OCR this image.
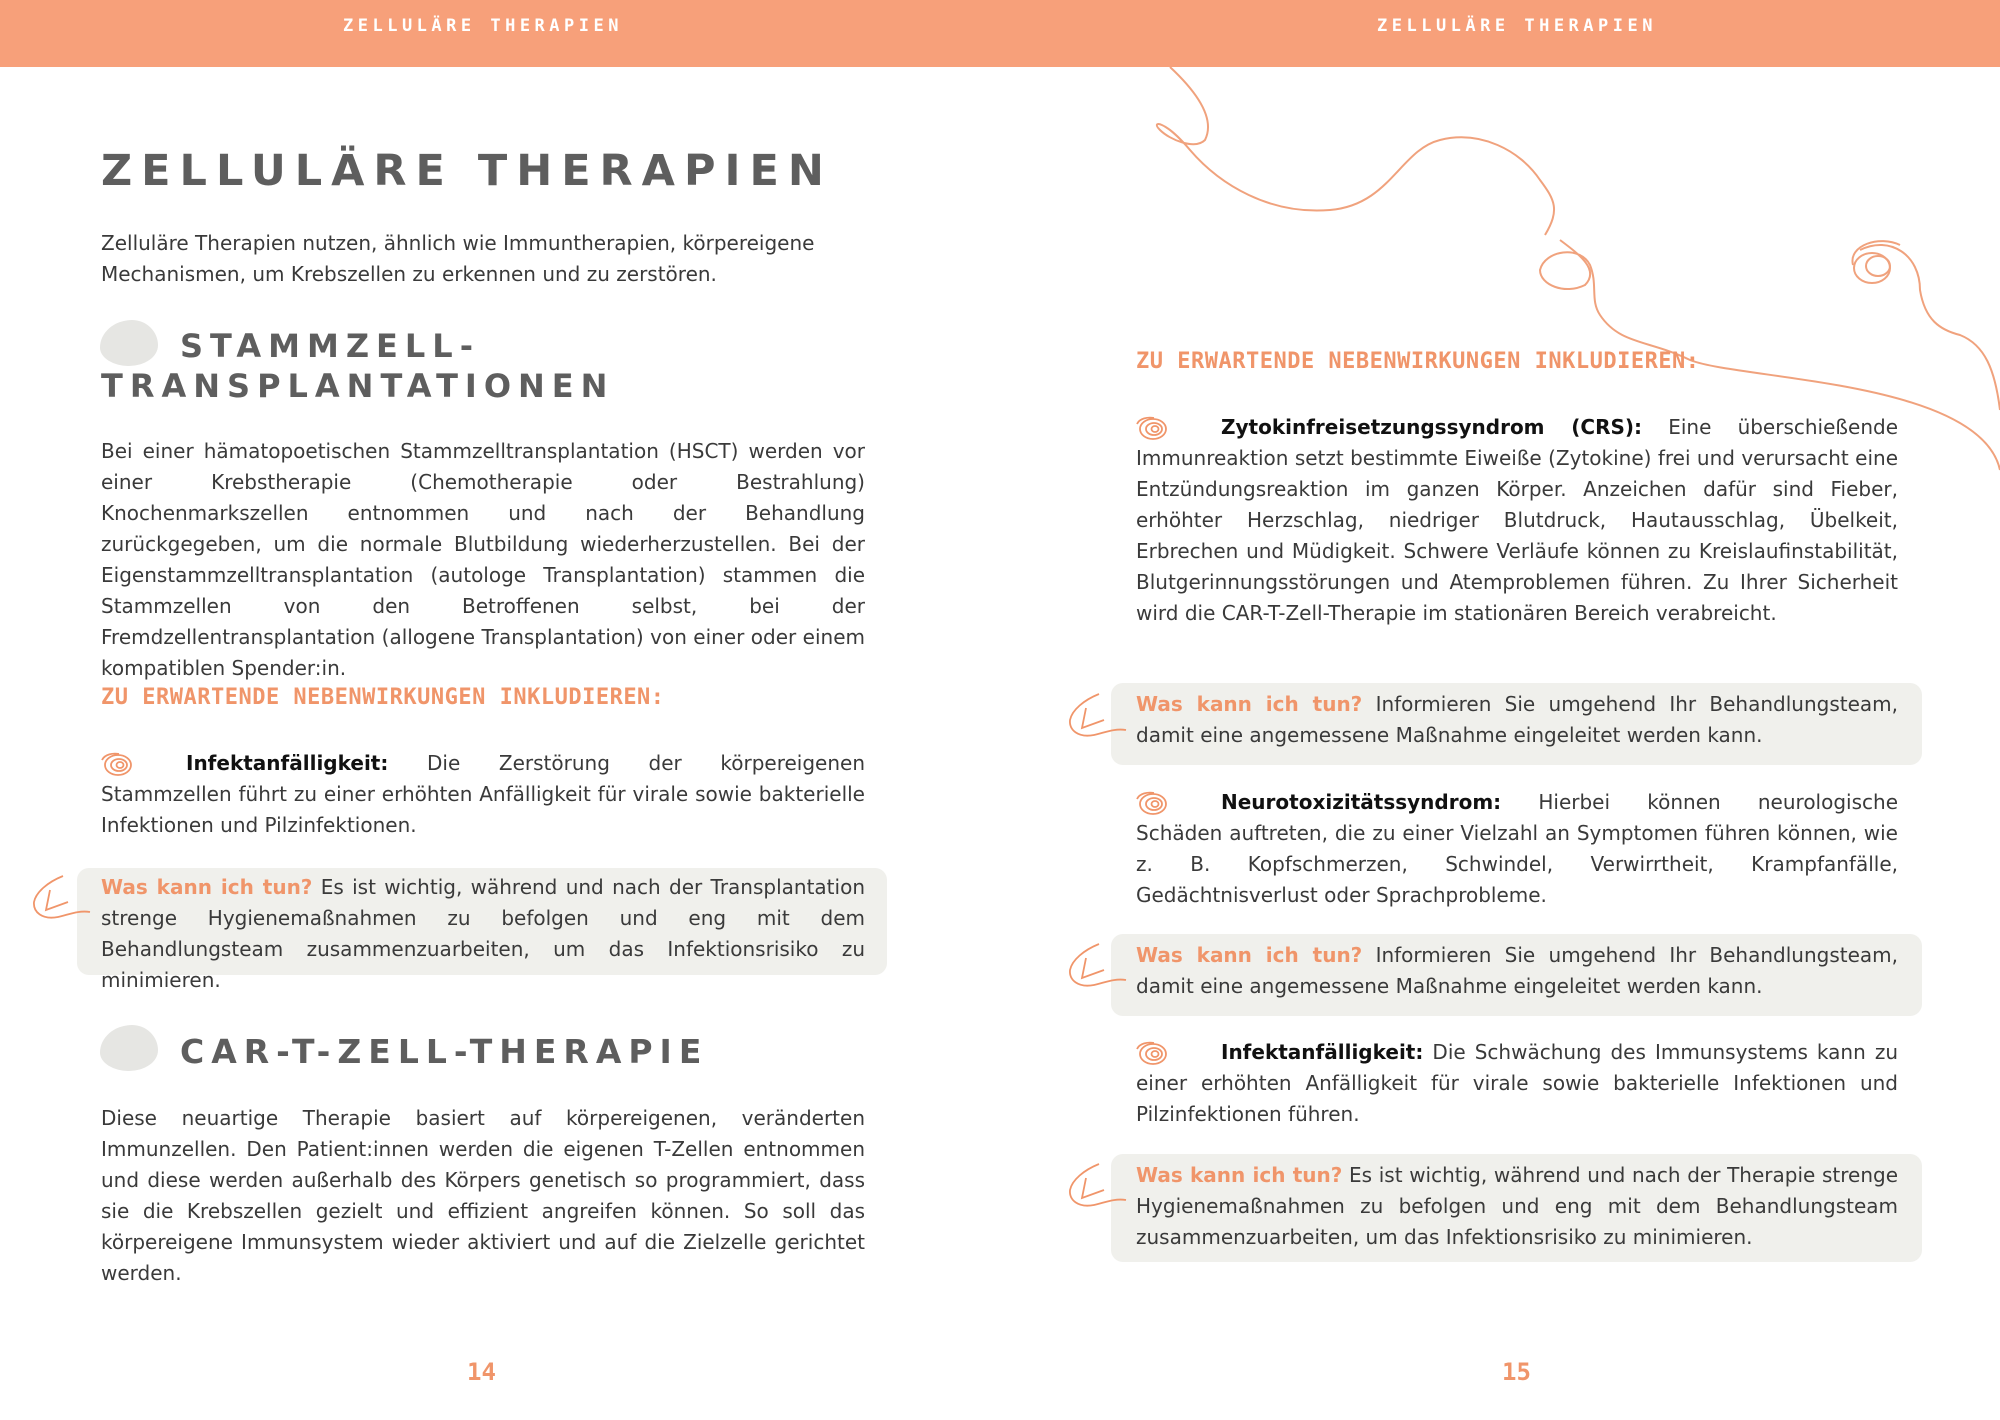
ZELLULÄRE THERAPIEN	ZELLULÄRE THERAPIEN
ZELLULÄRE THERAPIEN

Zelluläre Therapien nutzen, ähnlich wie Immuntherapien, körpereigene Mechanismen, um Krebszellen zu erkennen und zu zerstören.

STAMMZELL-
TRANSPLANTATIONEN

Bei einer hämatopoetischen Stammzelltransplantation (HSCT) werden vor einer Krebstherapie (Chemotherapie oder Bestrahlung) Knochenmarkszellen entnommen und nach der Behandlung zurückgegeben, um die normale Blutbildung wiederherzustellen. Bei der Eigenstammzelltransplantation (autologe Transplantation) stammen die Stammzellen von den Betroffenen selbst, bei der Fremdzellentransplantation (allogene Transplantation) von einer oder einem kompatiblen Spender:in.

ZU ERWARTENDE NEBENWIRKUNGEN INKLUDIEREN:

Infektanfälligkeit: Die Zerstörung der körpereigenen Stammzellen führt zu einer erhöhten Anfälligkeit für virale sowie bakterielle Infektionen und Pilzinfektionen.

Was kann ich tun? Es ist wichtig, während und nach der Transplantation strenge Hygienemaßnahmen zu befolgen und eng mit dem Behandlungsteam zusammenzuarbeiten, um das Infektionsrisiko zu minimieren.

CAR-T-ZELL-THERAPIE

Diese neuartige Therapie basiert auf körpereigenen, veränderten Immunzellen. Den Patient:innen werden die eigenen T-Zellen entnommen und diese werden außerhalb des Körpers genetisch so programmiert, dass sie die Krebszellen gezielt und effizient angreifen können. So soll das körpereigene Immunsystem wieder aktiviert und auf die Zielzelle gerichtet werden.

14
ZU ERWARTENDE NEBENWIRKUNGEN INKLUDIEREN:

Zytokinfreisetzungssyndrom (CRS): Eine überschießende Immunreaktion setzt bestimmte Eiweiße (Zytokine) frei und verursacht eine Entzündungsreaktion im ganzen Körper. Anzeichen dafür sind Fieber, erhöhter Herzschlag, niedriger Blutdruck, Hautausschlag, Übelkeit, Erbrechen und Müdigkeit. Schwere Verläufe können zu Kreislaufinstabilität, Blutgerinnungsstörungen und Atemproblemen führen. Zu Ihrer Sicherheit wird die CAR-T-Zell-Therapie im stationären Bereich verabreicht.

Was kann ich tun? Informieren Sie umgehend Ihr Behandlungsteam, damit eine angemessene Maßnahme eingeleitet werden kann.

Neurotoxizitätssyndrom: Hierbei können neurologische Schäden auftreten, die zu einer Vielzahl an Symptomen führen können, wie z. B. Kopfschmerzen, Schwindel, Verwirrtheit, Krampfanfälle, Gedächtnisverlust oder Sprachprobleme.

Was kann ich tun? Informieren Sie umgehend Ihr Behandlungsteam, damit eine angemessene Maßnahme eingeleitet werden kann.

Infektanfälligkeit: Die Schwächung des Immunsystems kann zu einer erhöhten Anfälligkeit für virale sowie bakterielle Infektionen und Pilzinfektionen führen.

Was kann ich tun? Es ist wichtig, während und nach der Therapie strenge Hygienemaßnahmen zu befolgen und eng mit dem Behandlungsteam zusammenzuarbeiten, um das Infektionsrisiko zu minimieren.

15
